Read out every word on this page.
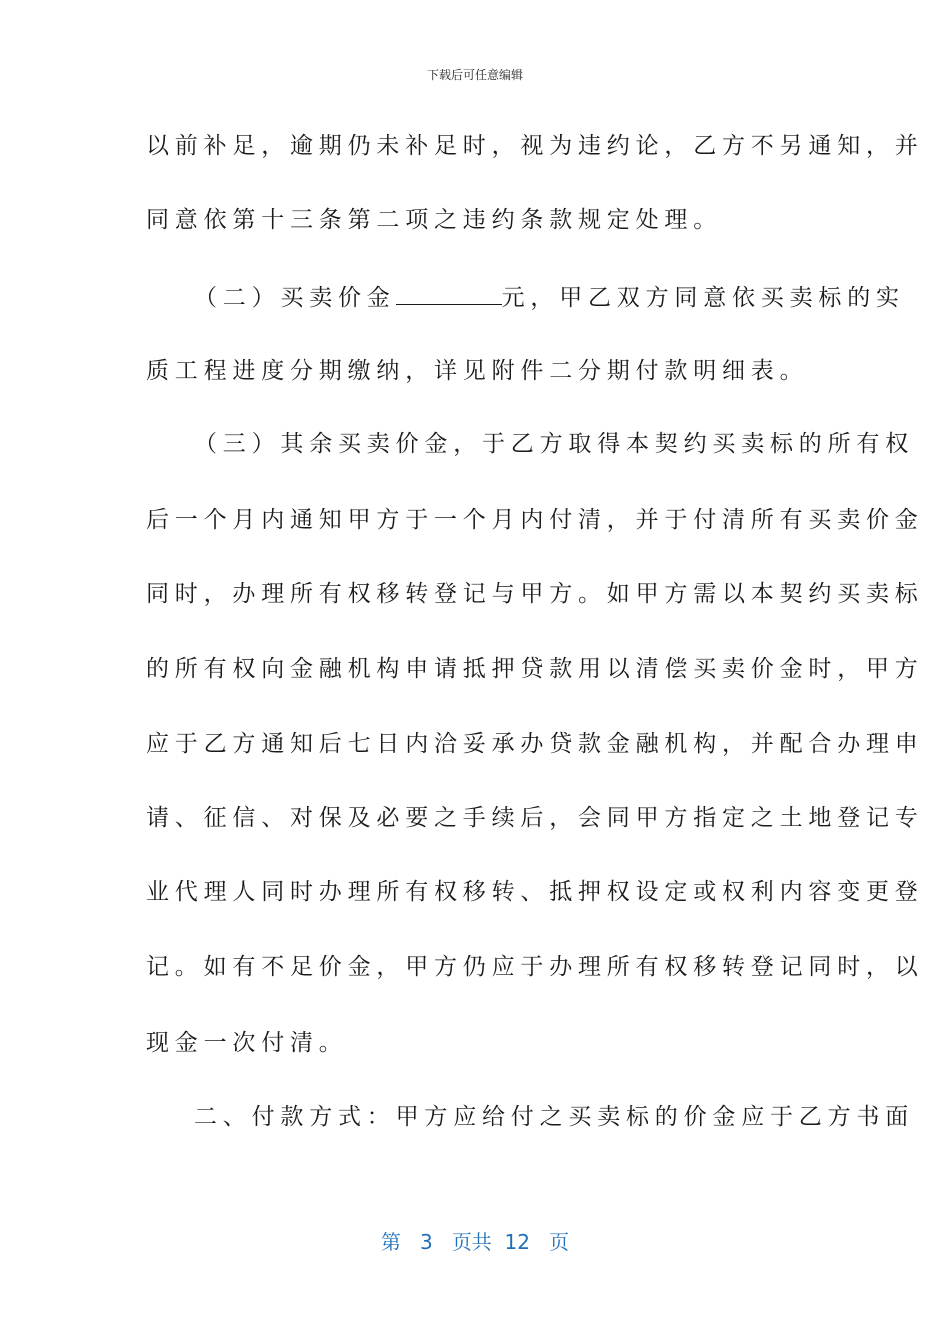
下载后可任意编辑
以前补足，逾期仍未补足时，视为违约论，乙方不另通知，并
同意依第十三条第二项之违约条款规定处理。
（二）买卖价金	元，甲乙双方同意依买卖标的实
质工程进度分期缴纳，详见附件二分期付款明细表。
（三）其余买卖价金，于乙方取得本契约买卖标的所有权
后一个月内通知甲方于一个月内付清，并于付清所有买卖价金
同时，办理所有权移转登记与甲方。如甲方需以本契约买卖标
的所有权向金融机构申请抵押贷款用以清偿买卖价金时，甲方
应于乙方通知后七日内洽妥承办贷款金融机构，并配合办理申
请、征信、对保及必要之手续后，会同甲方指定之土地登记专
业代理人同时办理所有权移转、抵押权设定或权利内容变更登
记。如有不足价金，甲方仍应于办理所有权移转登记同时，以
现金一次付清。
二、付款方式：甲方应给付之买卖标的价金应于乙方书面
第 3 页共 12 页
